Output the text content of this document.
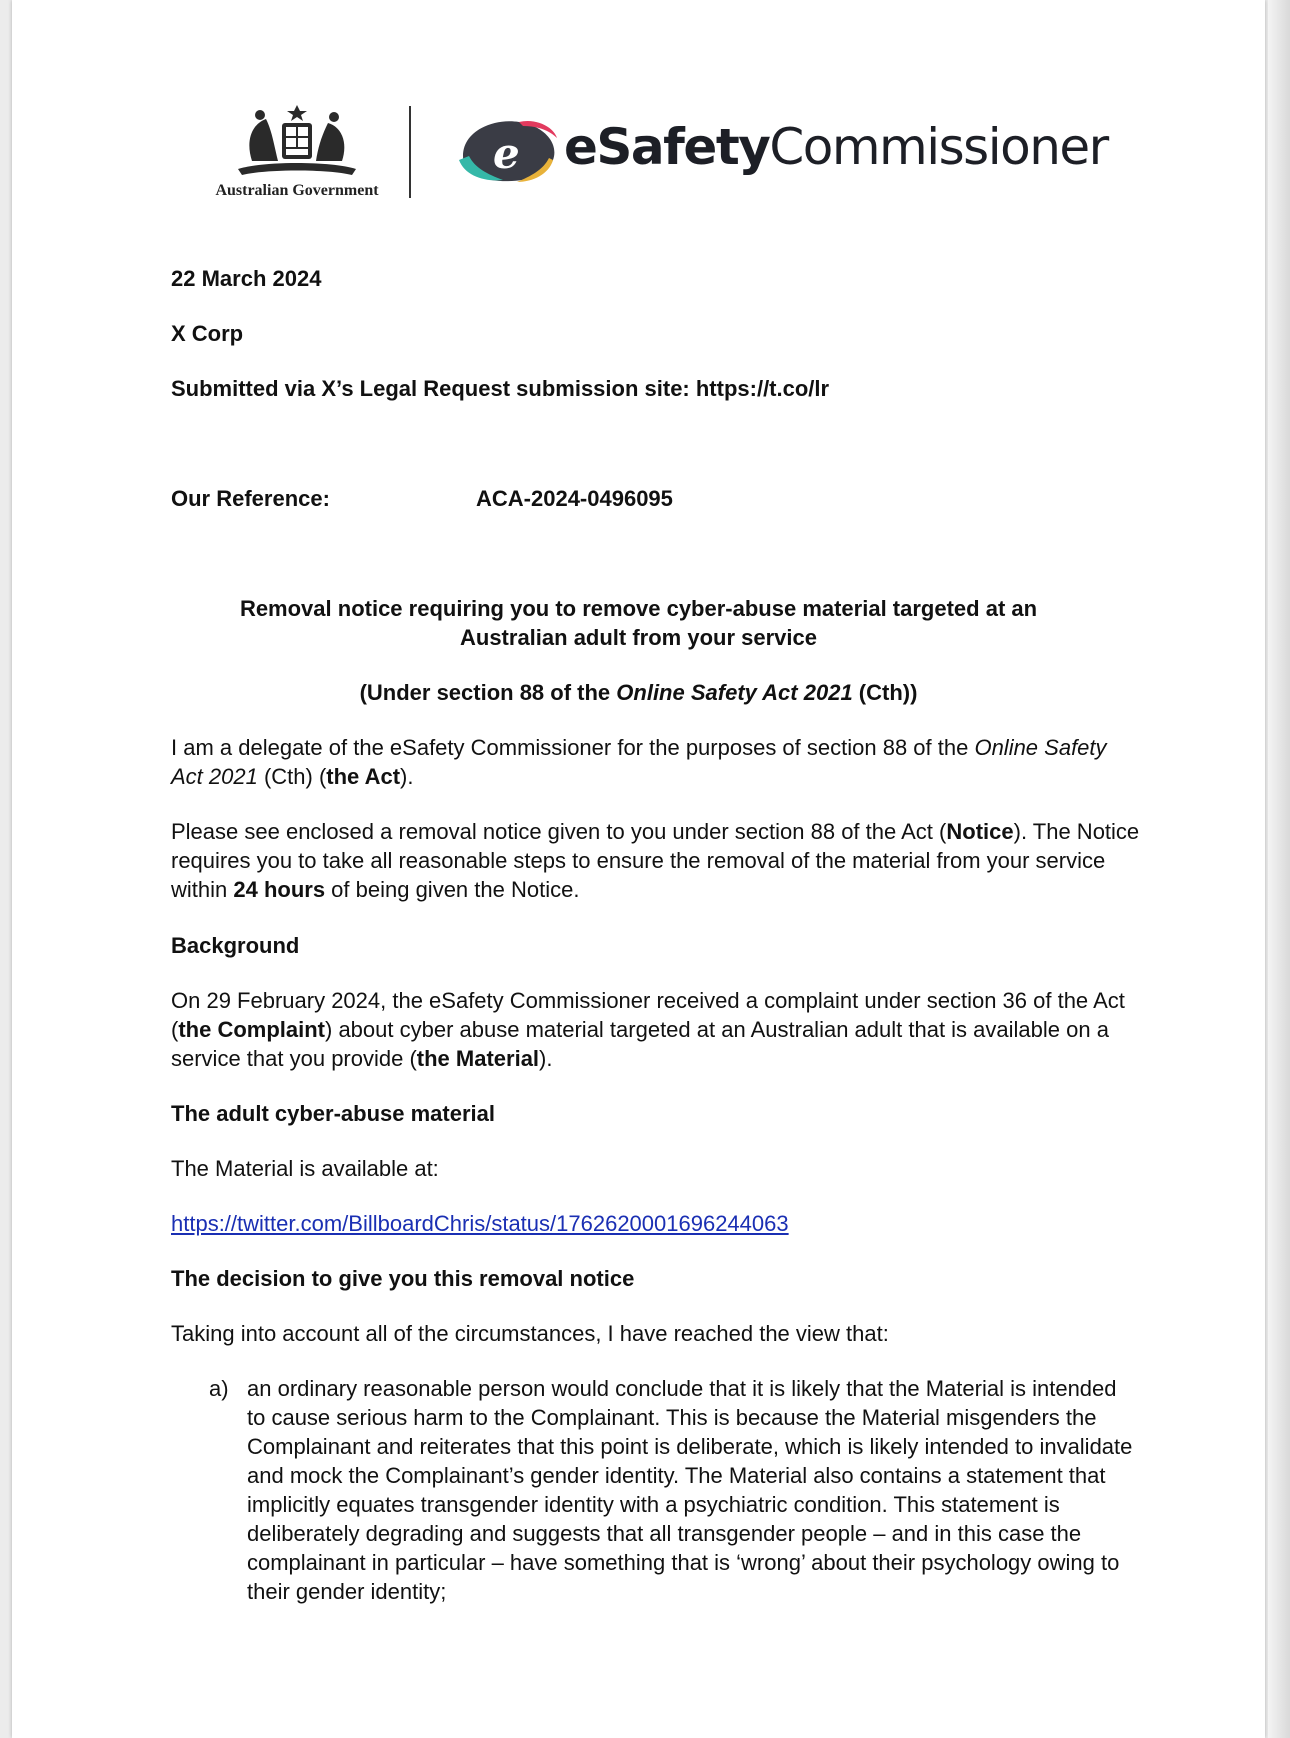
Australian Government
e eSafetyCommissioner
22 March 2024
X Corp
Submitted via X’s Legal Request submission site: https://t.co/lr
Our Reference:	ACA-2024-0496095
Removal notice requiring you to remove cyber-abuse material targeted at an
Australian adult from your service
(Under section 88 of the Online Safety Act 2021 (Cth))
I am a delegate of the eSafety Commissioner for the purposes of section 88 of the Online Safety Act 2021 (Cth) (the Act).
Please see enclosed a removal notice given to you under section 88 of the Act (Notice). The Notice requires you to take all reasonable steps to ensure the removal of the material from your service within 24 hours of being given the Notice.
Background
On 29 February 2024, the eSafety Commissioner received a complaint under section 36 of the Act (the Complaint) about cyber abuse material targeted at an Australian adult that is available on a service that you provide (the Material).
The adult cyber-abuse material
The Material is available at:
https://twitter.com/BillboardChris/status/1762620001696244063
The decision to give you this removal notice
Taking into account all of the circumstances, I have reached the view that:
a) an ordinary reasonable person would conclude that it is likely that the Material is intended to cause serious harm to the Complainant. This is because the Material misgenders the Complainant and reiterates that this point is deliberate, which is likely intended to invalidate and mock the Complainant’s gender identity. The Material also contains a statement that implicitly equates transgender identity with a psychiatric condition. This statement is deliberately degrading and suggests that all transgender people – and in this case the complainant in particular – have something that is ‘wrong’ about their psychology owing to their gender identity;
